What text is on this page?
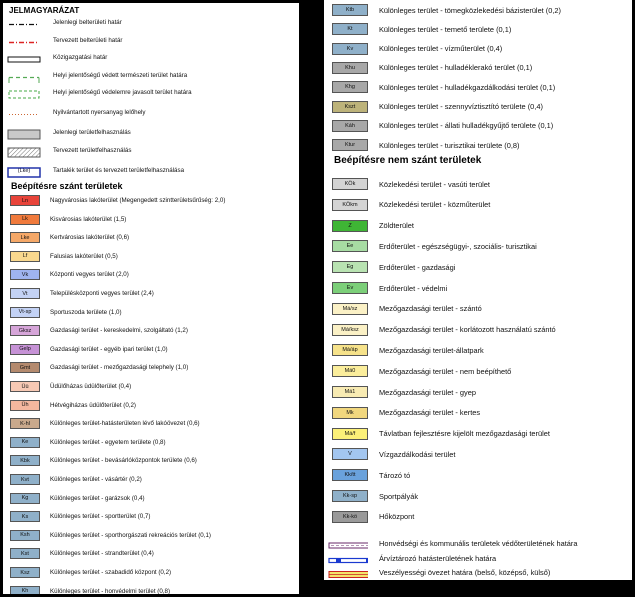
JELMAGYARÁZAT
Jelenlegi belterületi határ
Tervezett belterületi határ
Közigazgatási határ
Helyi jelentőségű védett természeti terület határa
Helyi jelentőségű védelemre javasolt terület határa
Nyilvántartott nyersanyag lelőhely
Jelenlegi területfelhasználás
Tervezett területfelhasználás
(Lke)	Tartalék terület és tervezett területfelhasználása
Beépítésre szánt területek
Ln	Nagyvárosias lakóterület (Megengedett szintterületsűrűség: 2,0)
Lk	Kisvárosias lakóterület (1,5)
Lke	Kertvárosias lakóterület (0,6)
Lf	Falusias lakóterület (0,5)
Vk	Központi vegyes terület (2,0)
Vt	Településközponti vegyes terület (2,4)
Vt-sp	Sportuszoda területe (1,0)
Gksz	Gazdasági terület - kereskedelmi, szolgáltató (1,2)
Gelp	Gazdasági terület - egyéb ipari terület (1,0)
Gmt	Gazdasági terület - mezőgazdasági telephely (1,0)
Üü	Üdülőházas üdülőterület (0,4)
Üh	Hétvégiházas üdülőterület (0,2)
K-hl	Különleges terület-hatásterületen lévő lakóövezet (0,6)
Ke	Különleges terület - egyetem területe (0,8)
Kbk	Különleges terület - bevásárlóközpontok területe (0,6)
Kvt	Különleges terület - vásártér (0,2)
Kg	Különleges terület - garázsok (0,4)
Ks	Különleges terület - sportterület (0,7)
Ksh	Különleges terület - sporthorgászati rekreációs terület (0,1)
Kst	Különleges terület - strandterület (0,4)
Ksz	Különleges terület - szabadidő központ (0,2)
Kh	Különleges terület - honvédelmi terület (0,8)
Ktb	Különleges terület - tömegközlekedési bázisterület (0,2)
Kt	Különleges terület - temető területe (0,1)
Kv	Különleges terület - vízműterület (0,4)
Khu	Különleges terület - hulladéklerakó terület (0,1)
Khg	Különleges terület - hulladékgazdálkodási terület (0,1)
Kszt	Különleges terület - szennyvíztisztító területe (0,4)
Káh	Különleges terület - állati hulladékgyűjtő területe (0,1)
Ktur	Különleges terület - turisztikai területe (0,8)
Beépítésre nem szánt területek
KÖk	Közlekedési terület - vasúti terület
KÖkm	Közlekedési terület - közműterület
Z	Zöldterület
Ee	Erdőterület - egészségügyi-, szociális- turisztikai
Eg	Erdőterület - gazdasági
Ev	Erdőterület - védelmi
Má/sz	Mezőgazdasági terület - szántó
Má/ksz	Mezőgazdasági terület - korlátozott használatú szántó
Má/áp	Mezőgazdasági terület-állatpark
Má0	Mezőgazdasági terület - nem beépíthető
Má1	Mezőgazdasági terület - gyep
Mk	Mezőgazdasági terület - kertes
Má/f	Távlatban fejlesztésre kijelölt mezőgazdasági terület
V	Vízgazdálkodási terület
Kk/tt	Tározó tó
Kk-sp	Sportpályák
Kk-kö	Hőközpont
Honvédségi és kommunális területek védőterületének határa
Árvíztározó hatásterületének határa
Veszélyességi övezet határa (belső, középső, külső)
